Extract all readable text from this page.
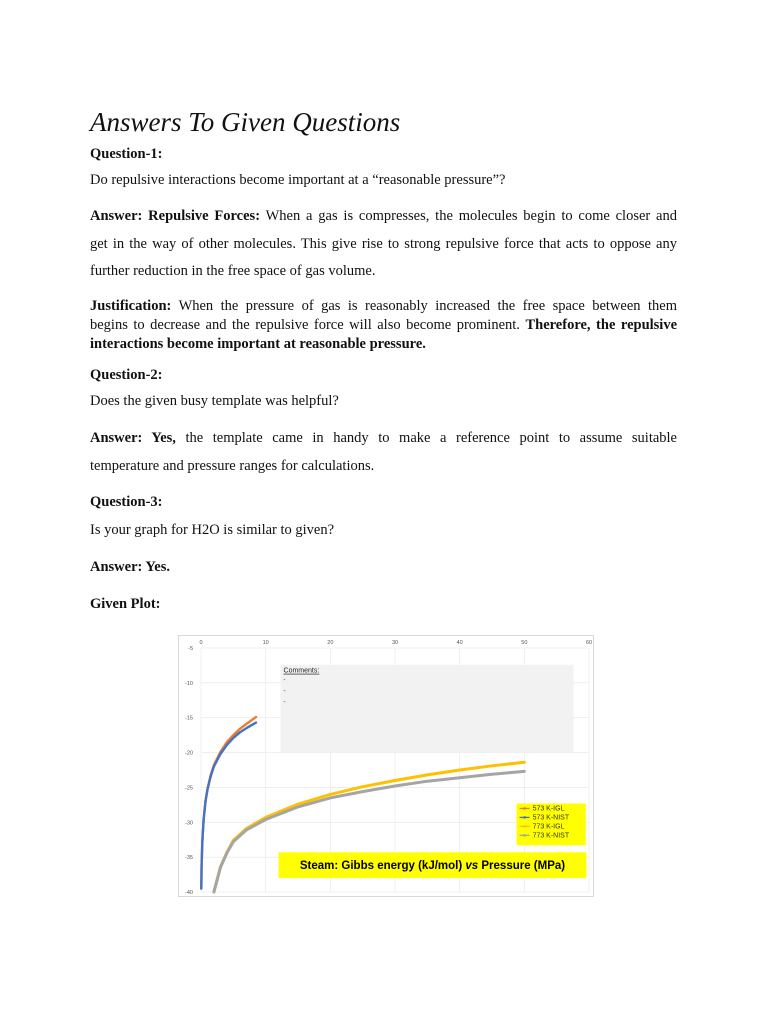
Answers To Given Questions
Question-1:
Do repulsive interactions become important at a “reasonable pressure”?
Answer: Repulsive Forces: When a gas is compresses, the molecules begin to come closer and
get in the way of other molecules. This give rise to strong repulsive force that acts to oppose any
further reduction in the free space of gas volume.
Justification: When the pressure of gas is reasonably increased the free space between them
begins to decrease and the repulsive force will also become prominent. Therefore, the repulsive
interactions become important at reasonable pressure.
Question-2:
Does the given busy template was helpful?
Answer: Yes, the template came in handy to make a reference point to assume suitable
temperature and pressure ranges for calculations.
Question-3:
Is your graph for H2O is similar to given?
Answer: Yes.
Given Plot:
0	10	20	30	40	50	60
-5
-10
-15
-20
-25
-30
-35
-40
Comments:
-
-
-
573 K-IGL
573 K-NIST
773 K-IGL
773 K-NIST
Steam: Gibbs energy (kJ/mol) vs Pressure (MPa)
